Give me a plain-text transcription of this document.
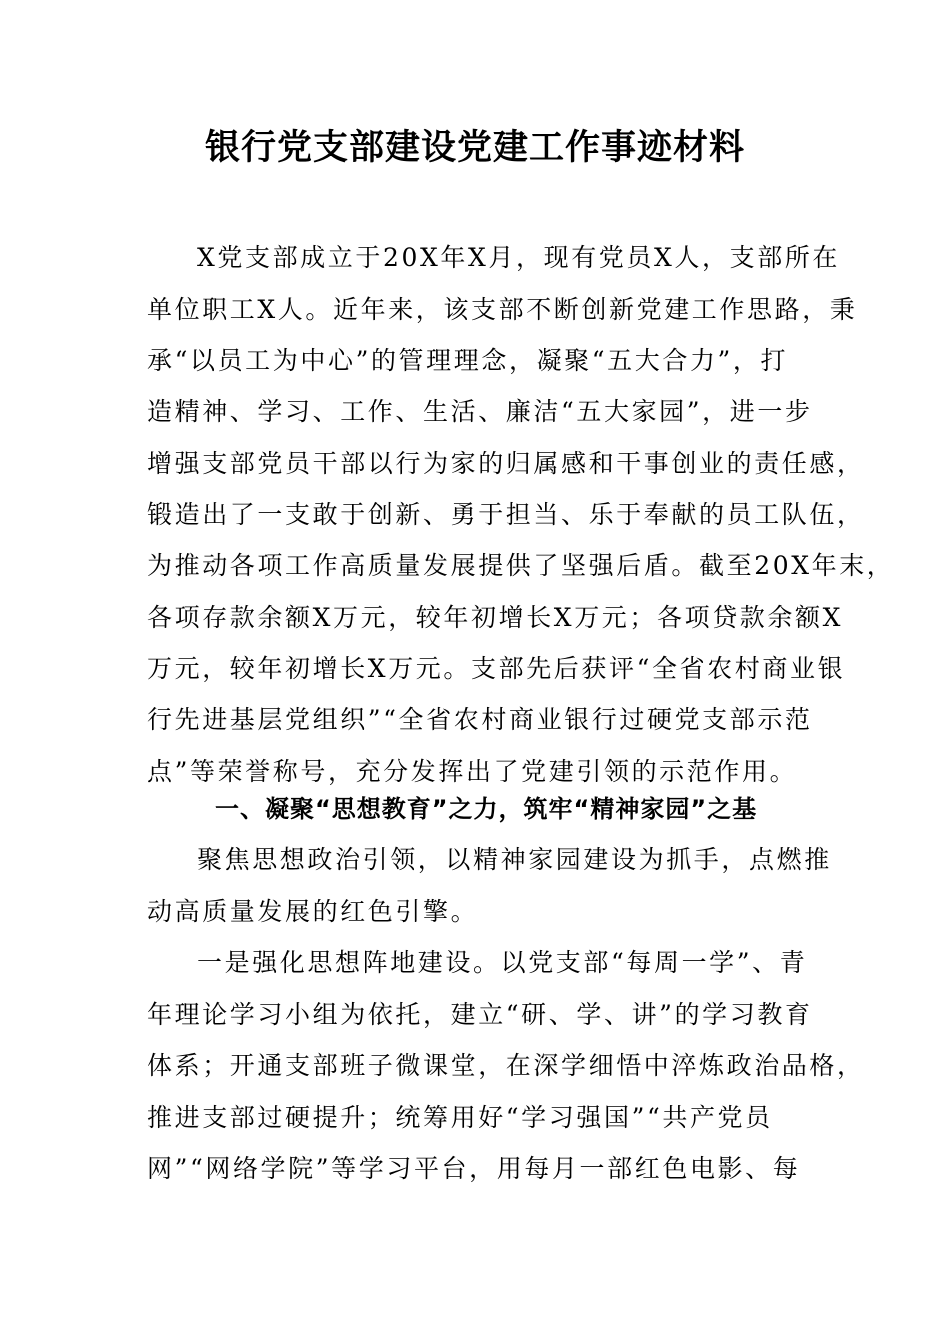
银行党支部建设党建工作事迹材料

X党支部成立于20X年X月，现有党员X人，支部所在

单位职工X人。近年来，该支部不断创新党建工作思路，秉

承“以员工为中心”的管理理念，凝聚“五大合力”，打

造精神、学习、工作、生活、廉洁“五大家园”，进一步

增强支部党员干部以行为家的归属感和干事创业的责任感，

锻造出了一支敢于创新、勇于担当、乐于奉献的员工队伍，

为推动各项工作高质量发展提供了坚强后盾。截至20X年末，

各项存款余额X万元，较年初增长X万元；各项贷款余额X

万元，较年初增长X万元。支部先后获评“全省农村商业银

行先进基层党组织”“全省农村商业银行过硬党支部示范

点”等荣誉称号，充分发挥出了党建引领的示范作用。

一、凝聚“思想教育”之力，筑牢“精神家园”之基

聚焦思想政治引领，以精神家园建设为抓手，点燃推

动高质量发展的红色引擎。

一是强化思想阵地建设。以党支部“每周一学”、青

年理论学习小组为依托，建立“研、学、讲”的学习教育

体系；开通支部班子微课堂，在深学细悟中淬炼政治品格，

推进支部过硬提升；统筹用好“学习强国”“共产党员

网”“网络学院”等学习平台，用每月一部红色电影、每
